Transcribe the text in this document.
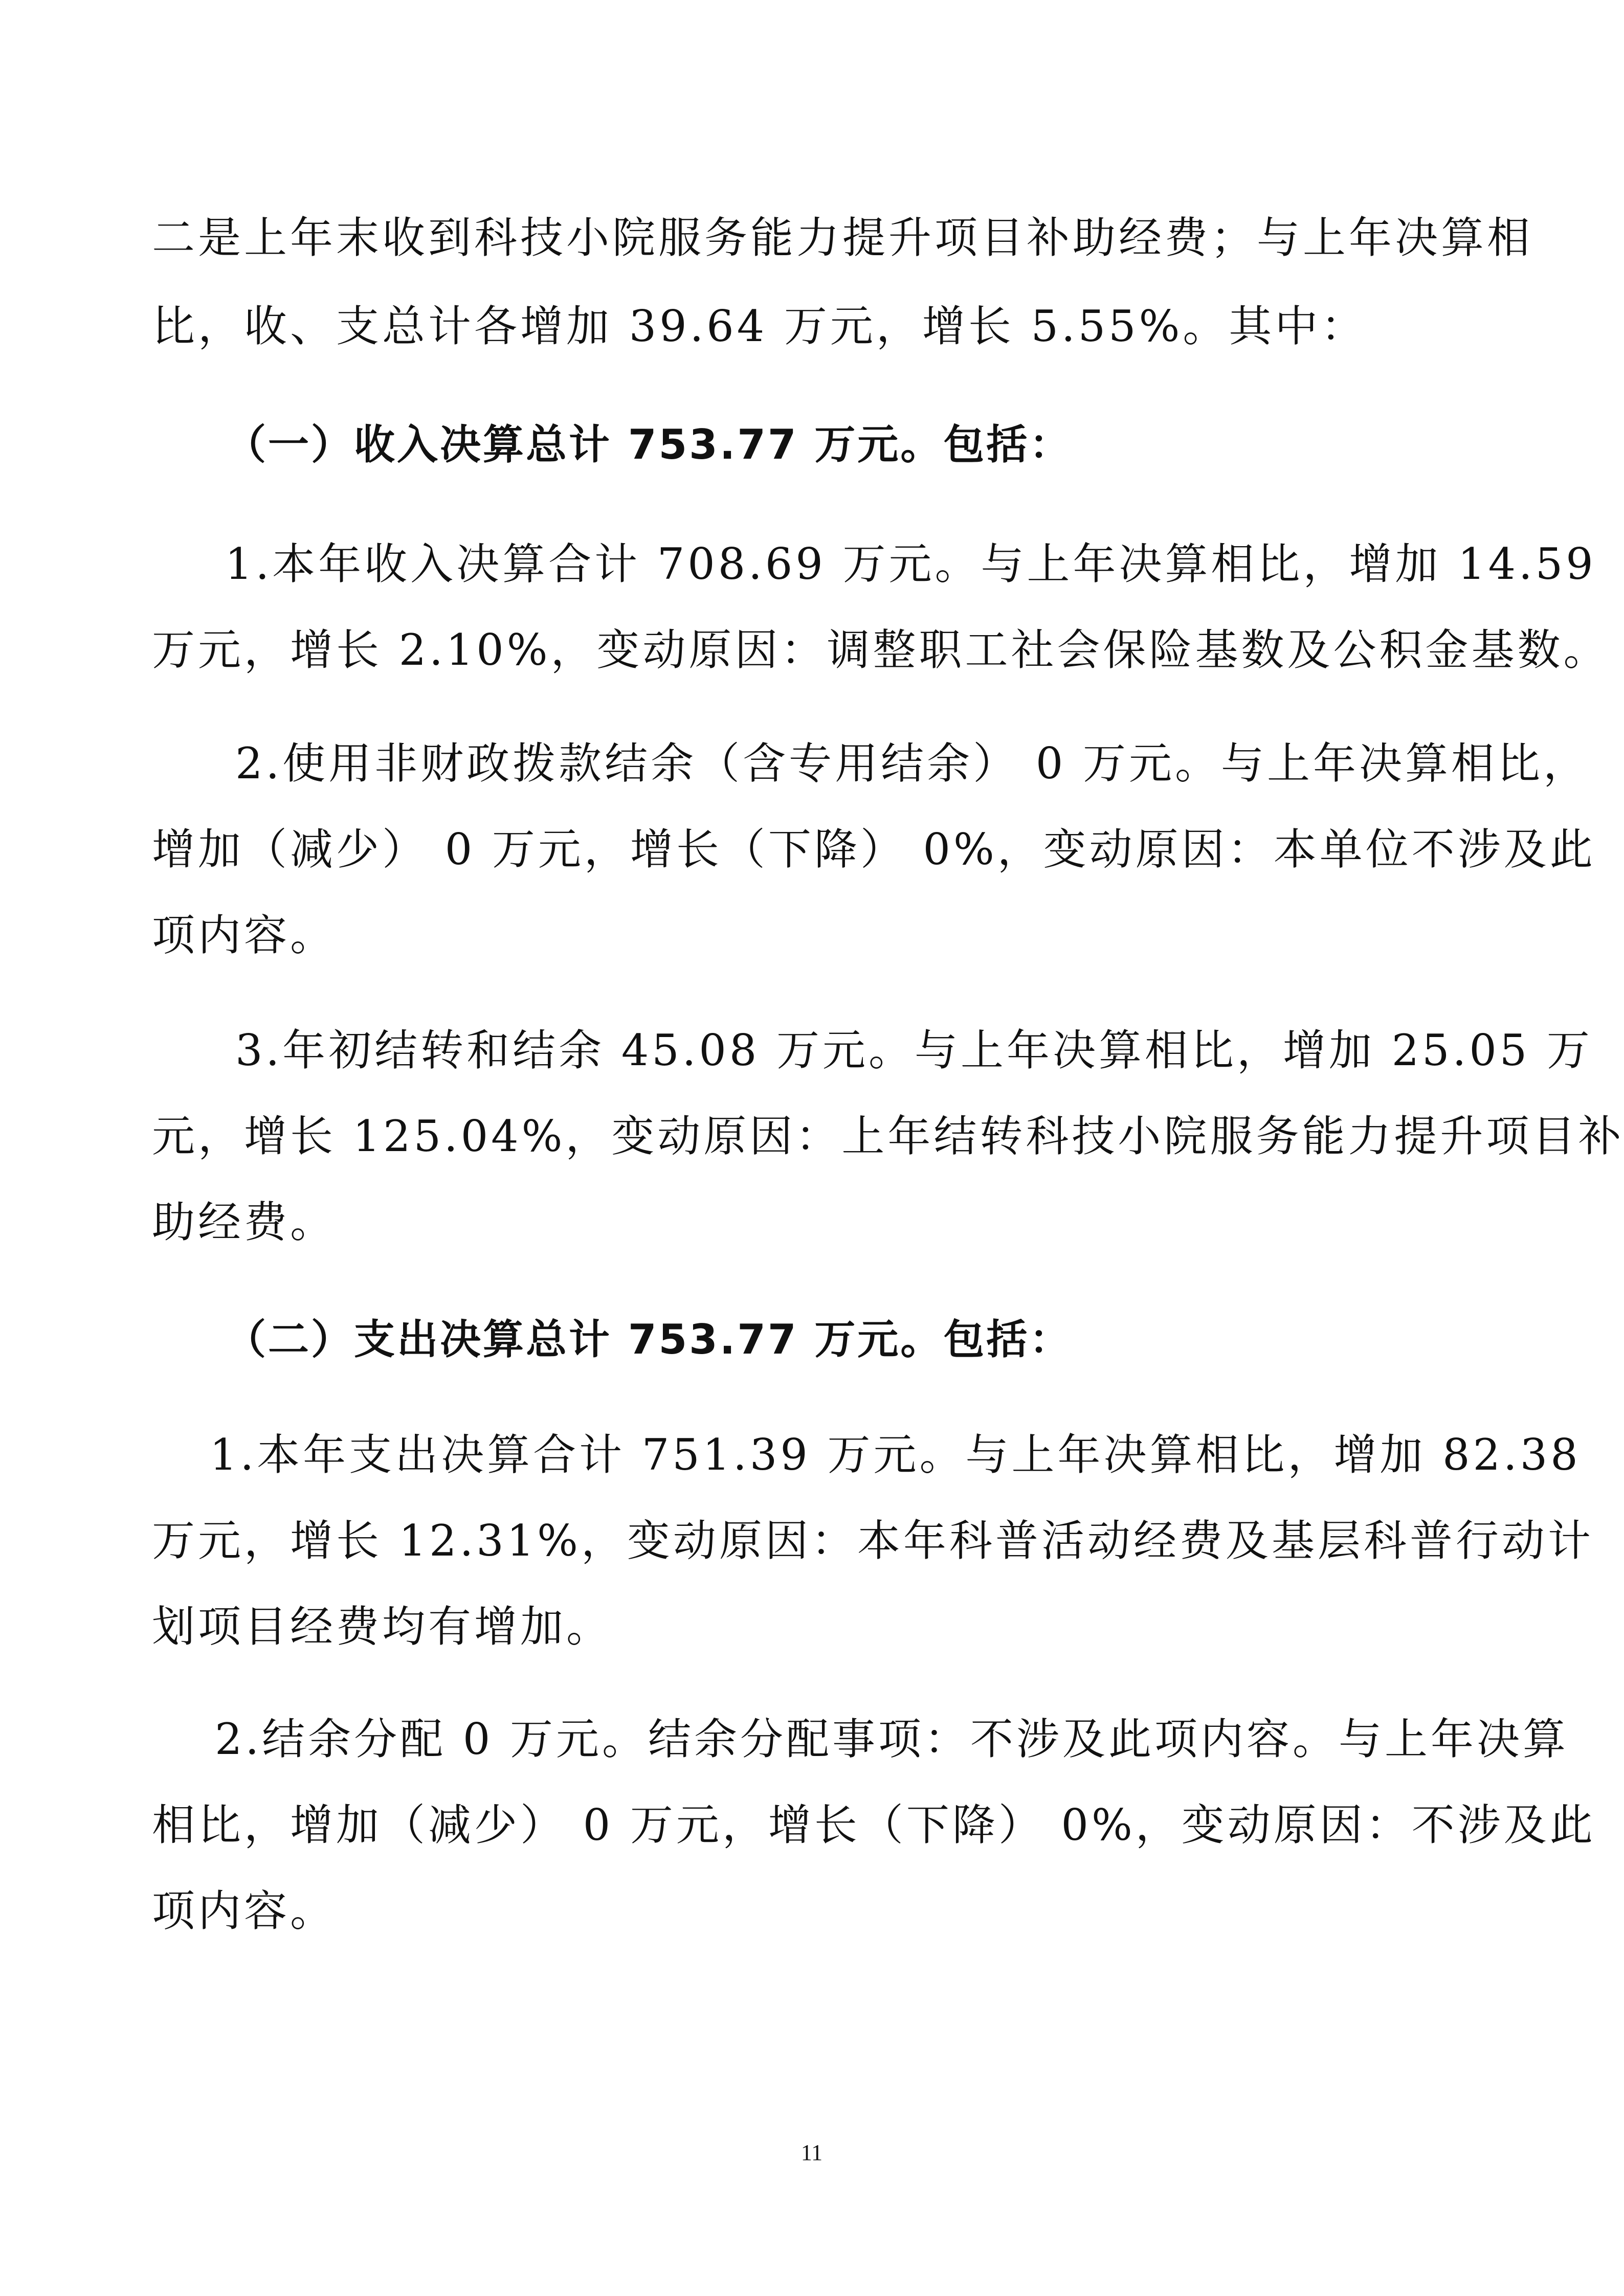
二是上年末收到科技小院服务能力提升项目补助经费；与上年决算相
比，收、支总计各增加 39.64 万元，增长 5.55%。其中：
（一）收入决算总计 753.77 万元。包括：
1.本年收入决算合计 708.69 万元。与上年决算相比，增加 14.59
万元，增长 2.10%，变动原因：调整职工社会保险基数及公积金基数。
2.使用非财政拨款结余（含专用结余） 0 万元。与上年决算相比，
增加（减少） 0 万元，增长（下降） 0%，变动原因：本单位不涉及此
项内容。
3.年初结转和结余 45.08 万元。与上年决算相比，增加 25.05 万
元，增长 125.04%，变动原因：上年结转科技小院服务能力提升项目补
助经费。
（二）支出决算总计 753.77 万元。包括：
1.本年支出决算合计 751.39 万元。与上年决算相比，增加 82.38
万元，增长 12.31%，变动原因：本年科普活动经费及基层科普行动计
划项目经费均有增加。
2.结余分配 0 万元。结余分配事项：不涉及此项内容。与上年决算
相比，增加（减少） 0 万元，增长（下降） 0%，变动原因：不涉及此
项内容。
11
